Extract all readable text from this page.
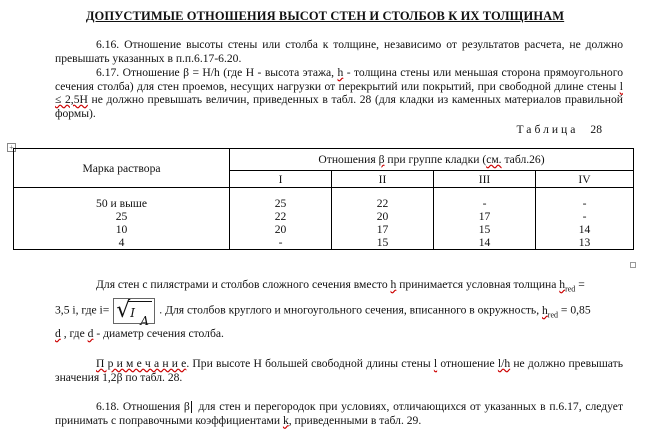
ДОПУСТИМЫЕ ОТНОШЕНИЯ ВЫСОТ СТЕН И СТОЛБОВ К ИХ ТОЛЩИНАМ
6.16. Отношение высоты стены или столба к толщине, независимо от результатов расчета, не должно превышать указанных в п.п.6.17-6.20.
6.17. Отношение β = H/h (где H - высота этажа, h - толщина стены или меньшая сторона прямоугольного сечения столба) для стен проемов, несущих нагрузки от перекрытий или покрытий, при свободной длине стены l ≤ 2,5H не должно превышать величин, приведенных в табл. 28 (для кладки из каменных материалов правильной формы).
Таблица 28
+
Марка раствора	Отношения β при группе кладки (см. табл.26)			
	I	II	III	IV
50 и выше	25	22	-	-
25	22	20	17	-
10	20	17	15	14
4	-	15	14	13
Для стен с пилястрами и столбов сложного сечения вместо h принимается условная толщина $h_{red}$ =
3,5 i, где i= √ I
A
. Для столбов круглого и многоугольного сечения, вписанного в окружность, $h_{red} = 0,85$
d , где d - диаметр сечения столба.
П р и м е ч а н и е. При высоте Н большей свободной длины стены l отношение l/h не должно превышать значения 1,2β по табл. 28.
6.18. Отношения β для стен и перегородок при условиях, отличающихся от указанных в п.6.17, следует принимать с поправочными коэффициентами k, приведенными в табл. 29.
